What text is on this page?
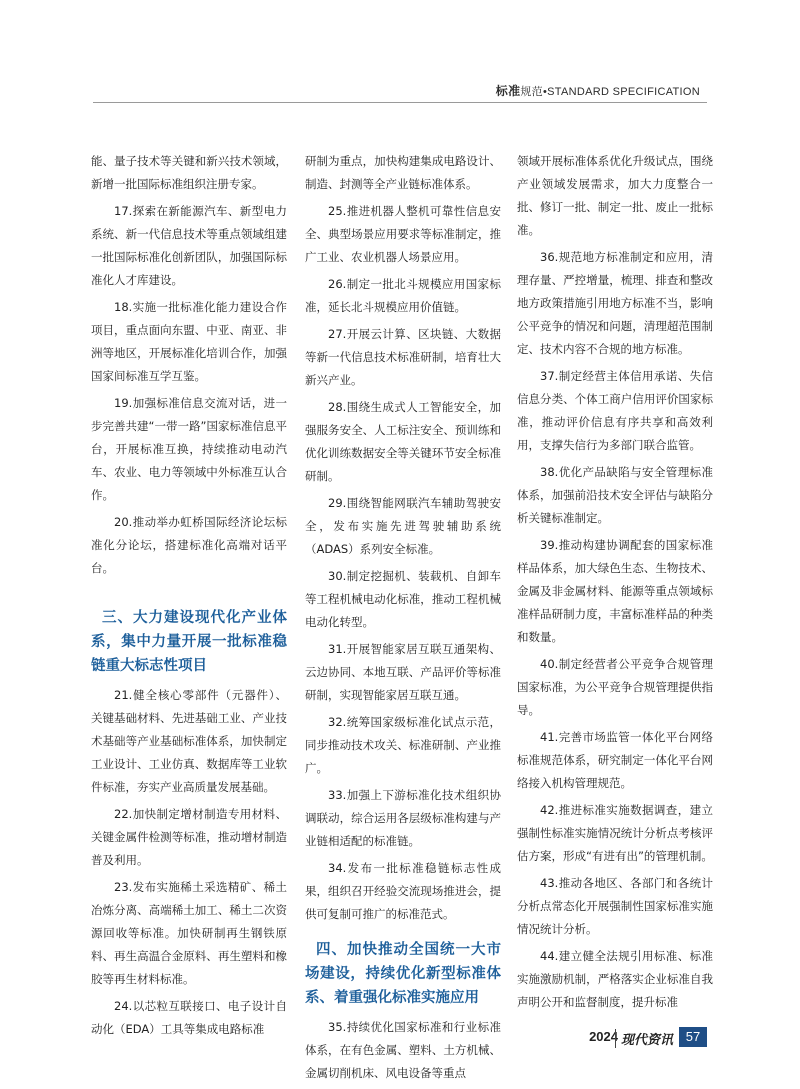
标准规范•STANDARD SPECIFICATION

能、量子技术等关键和新兴技术领域，新增一批国际标准组织注册专家。

17.探索在新能源汽车、新型电力系统、新一代信息技术等重点领域组建一批国际标准化创新团队，加强国际标准化人才库建设。

18.实施一批标准化能力建设合作项目，重点面向东盟、中亚、南亚、非洲等地区，开展标准化培训合作，加强国家间标准互学互鉴。

19.加强标准信息交流对话，进一步完善共建“一带一路”国家标准信息平台，开展标准互换，持续推动电动汽车、农业、电力等领域中外标准互认合作。

20.推动举办虹桥国际经济论坛标准化分论坛，搭建标准化高端对话平台。

三、大力建设现代化产业体系，集中力量开展一批标准稳链重大标志性项目

21.健全核心零部件（元器件）、关键基础材料、先进基础工业、产业技术基础等产业基础标准体系，加快制定工业设计、工业仿真、数据库等工业软件标准，夯实产业高质量发展基础。

22.加快制定增材制造专用材料、关键金属件检测等标准，推动增材制造普及利用。

23.发布实施稀土采选精矿、稀土冶炼分离、高端稀土加工、稀土二次资源回收等标准。加快研制再生钢铁原料、再生高温合金原料、再生塑料和橡胶等再生材料标准。

24.以芯粒互联接口、电子设计自动化（EDA）工具等集成电路标准

研制为重点，加快构建集成电路设计、制造、封测等全产业链标准体系。

25.推进机器人整机可靠性信息安全、典型场景应用要求等标准制定，推广工业、农业机器人场景应用。

26.制定一批北斗规模应用国家标准，延长北斗规模应用价值链。

27.开展云计算、区块链、大数据等新一代信息技术标准研制，培育壮大新兴产业。

28.围绕生成式人工智能安全，加强服务安全、人工标注安全、预训练和优化训练数据安全等关键环节安全标准研制。

29.围绕智能网联汽车辅助驾驶安全，发布实施先进驾驶辅助系统（ADAS）系列安全标准。

30.制定挖掘机、装载机、自卸车等工程机械电动化标准，推动工程机械电动化转型。

31.开展智能家居互联互通架构、云边协同、本地互联、产品评价等标准研制，实现智能家居互联互通。

32.统筹国家级标准化试点示范，同步推动技术攻关、标准研制、产业推广。

33.加强上下游标准化技术组织协调联动，综合运用各层级标准构建与产业链相适配的标准链。

34.发布一批标准稳链标志性成果，组织召开经验交流现场推进会，提供可复制可推广的标准范式。

四、加快推动全国统一大市场建设，持续优化新型标准体系、着重强化标准实施应用

35.持续优化国家标准和行业标准体系，在有色金属、塑料、土方机械、金属切削机床、风电设备等重点

领域开展标准体系优化升级试点，围绕产业领域发展需求，加大力度整合一批、修订一批、制定一批、废止一批标准。

36.规范地方标准制定和应用，清理存量、严控增量，梳理、排查和整改地方政策措施引用地方标准不当，影响公平竞争的情况和问题，清理超范围制定、技术内容不合规的地方标准。

37.制定经营主体信用承诺、失信信息分类、个体工商户信用评价国家标准，推动评价信息有序共享和高效利用，支撑失信行为多部门联合监管。

38.优化产品缺陷与安全管理标准体系，加强前沿技术安全评估与缺陷分析关键标准制定。

39.推动构建协调配套的国家标准样品体系，加大绿色生态、生物技术、金属及非金属材料、能源等重点领域标准样品研制力度，丰富标准样品的种类和数量。

40.制定经营者公平竞争合规管理国家标准，为公平竞争合规管理提供指导。

41.完善市场监管一体化平台网络标准规范体系，研究制定一体化平台网络接入机构管理规范。

42.推进标准实施数据调查，建立强制性标准实施情况统计分析点考核评估方案，形成“有进有出”的管理机制。

43.推动各地区、各部门和各统计分析点常态化开展强制性国家标准实施情况统计分析。

44.建立健全法规引用标准、标准实施激励机制，严格落实企业标准自我声明公开和监督制度，提升标准

2024 现代资讯 57
